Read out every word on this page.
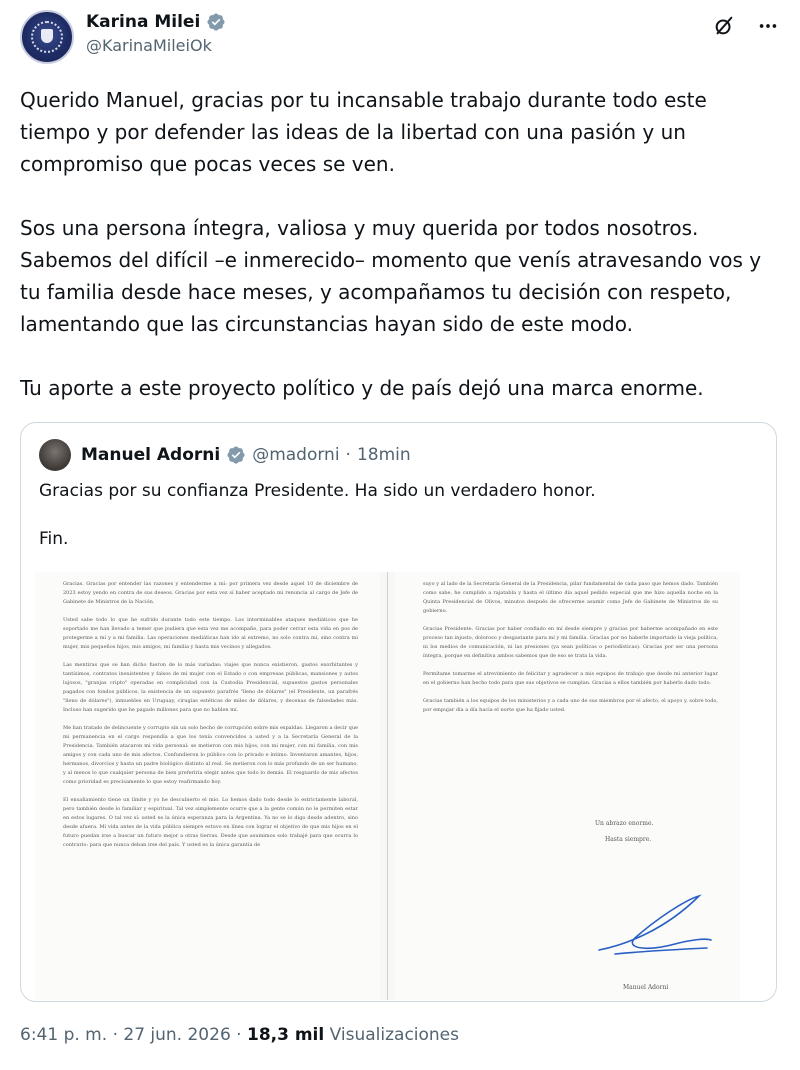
Karina Milei
@KarinaMileiOk

Querido Manuel, gracias por tu incansable trabajo durante todo este tiempo y por defender las ideas de la libertad con una pasión y un compromiso que pocas veces se ven.

Sos una persona íntegra, valiosa y muy querida por todos nosotros. Sabemos del difícil –e inmerecido– momento que venís atravesando vos y tu familia desde hace meses, y acompañamos tu decisión con respeto, lamentando que las circunstancias hayan sido de este modo.

Tu aporte a este proyecto político y de país dejó una marca enorme.

Manuel Adorni @madorni · 18min

Gracias por su confianza Presidente. Ha sido un verdadero honor.

Fin.

Gracias. Gracias por entender las razones y entenderme a mí: por primera vez desde aquel 10 de diciembre de 2023 estoy yendo en contra de sus deseos. Gracias por esta vez sí haber aceptado mi renuncia al cargo de Jefe de Gabinete de Ministros de la Nación.

Usted sabe todo lo que he sufrido durante todo este tiempo. Los interminables ataques mediáticos que he soportado me han llevado a temer que pudiera que esta vez me acompañe, para poder cerrar esta vida en pos de protegerme a mí y a mi familia. Las operaciones mediáticas han ido al extremo, no solo contra mí, sino contra mi mujer, mis pequeños hijos, mis amigos, mi familia y hasta mis vecinos y allegados.

Las mentiras que se han dicho fueron de lo más variadas: viajes que nunca existieron, gastos exorbitantes y tantísimos, contratos inexistentes y falsos de mi mujer con el Estado o con empresas públicas, mansiones y autos lujosos, "granjas cripto" operadas en complicidad con la Custodia Presidencial, supuestos gastos personales pagados con fondos públicos, la existencia de un supuesto parafrés "lleno de dólares" (el Presidente, un parafrés "lleno de dólares"), inmuebles en Uruguay, cirugías estéticas de miles de dólares, y decenas de falsedades más. Incluso han sugerido que he pagado millones para que no hablen mí.

Me han tratado de delincuente y corrupto sin un solo hecho de corrupción sobre mis espaldas. Llegaron a decir que mi permanencia en el cargo respondía a que los tenía convencidos a usted y a la Secretaría General de la Presidencia. También atacaron mi vida personal: se metieron con mis hijos, con mi mujer, con mi familia, con mis amigos y con cada uno de mis afectos. Confundieron lo público con lo privado e íntimo. Inventaron amantes, hijos, hermanos, divorcios y hasta un padre biológico distinto al real. Se metieron con lo más profundo de un ser humano, y al menos lo que cualquier persona de bien preferiría elegir antes que todo lo demás. El resguardo de mis afectos como prioridad es precisamente lo que estoy reafirmando hoy.

El ensañamiento tiene un límite y yo he descubierto el mío. Lo hemos dado todo desde lo estrictamente laboral, pero también desde lo familiar y espiritual. Tal vez simplemente ocurre que a la gente común no le permiten estar en estos lugares. O tal vez sí: usted es la única esperanza para la Argentina. Ya no se lo digo desde adentro, sino desde afuera. Mi vida antes de la vida pública siempre estuvo en línea con lograr el objetivo de que mis hijos en el futuro puedan irse a buscar un futuro mejor a otras tierras. Desde que asumimos solo trabajé para que ocurra lo contrario: para que nunca deban irse del país. Y usted es la única garantía de

suyo y al lado de la Secretaría General de la Presidencia, pilar fundamental de cada paso que hemos dado. También como sabe, he cumplido a rajatabla y hasta el último día aquel pedido especial que me hizo aquella noche en la Quinta Presidencial de Olivos, minutos después de ofrecerme asumir como Jefe de Gabinete de Ministros de su gobierno.

Gracias Presidente. Gracias por haber confiado en mí desde siempre y gracias por haberme acompañado en este proceso tan injusto, doloroso y desgastante para mí y mi familia. Gracias por no haberle importado la vieja política, ni los medios de comunicación, ni las presiones (ya sean políticas o periodísticas). Gracias por ser una persona íntegra, porque en definitiva ambos sabemos que de eso se trata la vida.

Permítame tomarme el atrevimiento de felicitar y agradecer a mis equipos de trabajo que desde mi anterior lugar en el gobierno han hecho todo para que sus objetivos se cumplan. Gracias a ellos también por haberlo dado todo.

Gracias también a los equipos de los ministerios y a cada uno de sus miembros por el afecto, el apoyo y, sobre todo, por empujar día a día hacia el norte que ha fijado usted.

Un abrazo enorme.
Hasta siempre.
Manuel Adorni
6:41 p. m. · 27 jun. 2026 · 18,3 mil Visualizaciones
